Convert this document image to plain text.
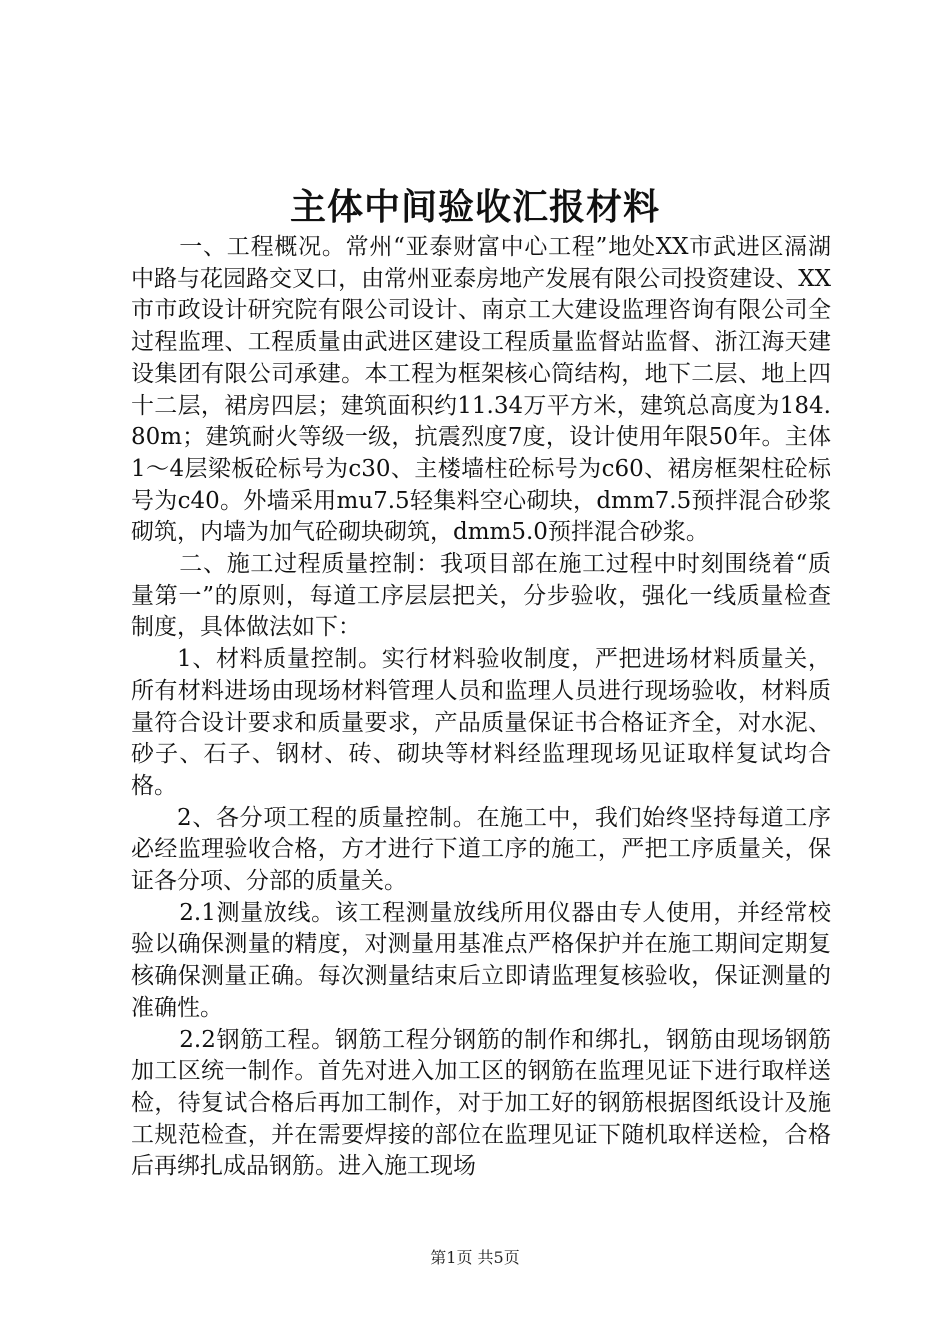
主体中间验收汇报材料

一、工程概况。常州“亚泰财富中心工程”地处XX市武进区滆湖中路与花园路交叉口，由常州亚泰房地产发展有限公司投资建设、XX市市政设计研究院有限公司设计、南京工大建设监理咨询有限公司全过程监理、工程质量由武进区建设工程质量监督站监督、浙江海天建设集团有限公司承建。本工程为框架核心筒结构，地下二层、地上四十二层，裙房四层；建筑面积约11.34万平方米，建筑总高度为184.80m；建筑耐火等级一级，抗震烈度7度，设计使用年限50年。主体1～4层梁板砼标号为c30、主楼墙柱砼标号为c60、裙房框架柱砼标号为c40。外墙采用mu7.5轻集料空心砌块，dmm7.5预拌混合砂浆砌筑，内墙为加气砼砌块砌筑，dmm5.0预拌混合砂浆。

二、施工过程质量控制：我项目部在施工过程中时刻围绕着“质量第一”的原则，每道工序层层把关，分步验收，强化一线质量检查制度，具体做法如下：

1、材料质量控制。实行材料验收制度，严把进场材料质量关，所有材料进场由现场材料管理人员和监理人员进行现场验收，材料质量符合设计要求和质量要求，产品质量保证书合格证齐全，对水泥、砂子、石子、钢材、砖、砌块等材料经监理现场见证取样复试均合格。

2、各分项工程的质量控制。在施工中，我们始终坚持每道工序必经监理验收合格，方才进行下道工序的施工，严把工序质量关，保证各分项、分部的质量关。

2.1测量放线。该工程测量放线所用仪器由专人使用，并经常校验以确保测量的精度，对测量用基准点严格保护并在施工期间定期复核确保测量正确。每次测量结束后立即请监理复核验收，保证测量的准确性。

2.2钢筋工程。钢筋工程分钢筋的制作和绑扎，钢筋由现场钢筋加工区统一制作。首先对进入加工区的钢筋在监理见证下进行取样送检，待复试合格后再加工制作，对于加工好的钢筋根据图纸设计及施工规范检查，并在需要焊接的部位在监理见证下随机取样送检，合格后再绑扎成品钢筋。进入施工现场

第1页 共5页
